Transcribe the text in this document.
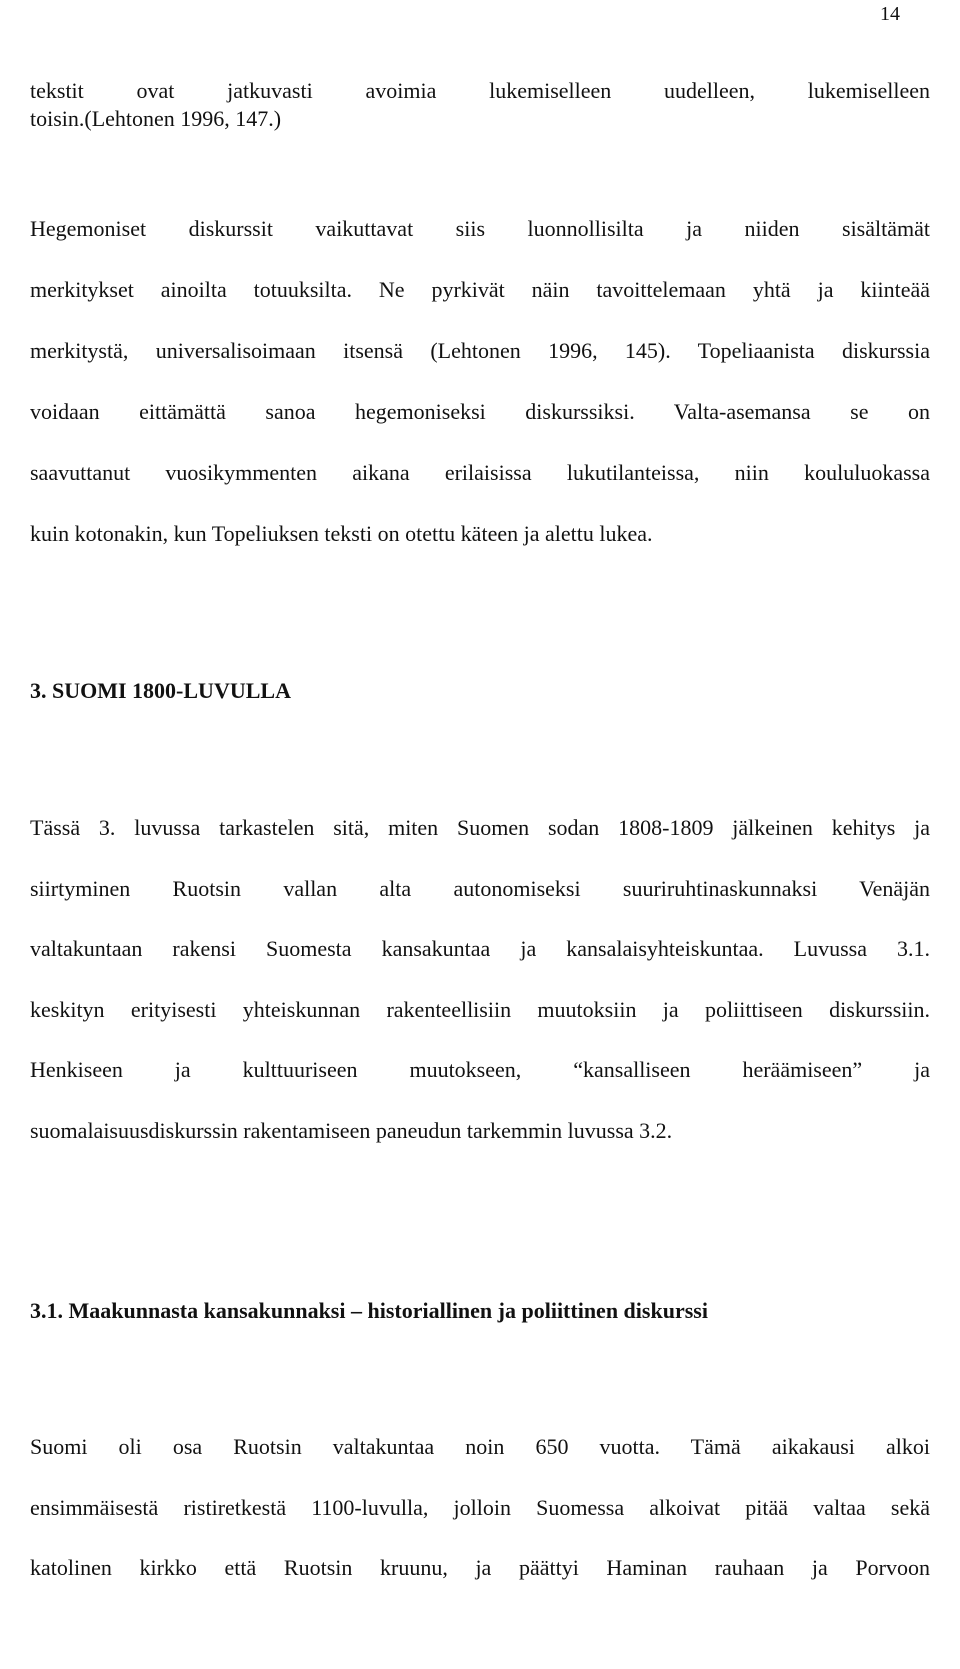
14
tekstit ovat jatkuvasti avoimia lukemiselleen uudelleen, lukemiselleen
toisin.(Lehtonen 1996, 147.)
Hegemoniset diskurssit vaikuttavat siis luonnollisilta ja niiden sisältämät
merkitykset ainoilta totuuksilta. Ne pyrkivät näin tavoittelemaan yhtä ja kiinteää
merkitystä, universalisoimaan itsensä (Lehtonen 1996, 145). Topeliaanista diskurssia
voidaan eittämättä sanoa hegemoniseksi diskurssiksi. Valta-asemansa se on
saavuttanut vuosikymmenten aikana erilaisissa lukutilanteissa, niin koululuokassa
kuin kotonakin, kun Topeliuksen teksti on otettu käteen ja alettu lukea.
3. SUOMI 1800-LUVULLA
Tässä 3. luvussa tarkastelen sitä, miten Suomen sodan 1808-1809 jälkeinen kehitys ja
siirtyminen Ruotsin vallan alta autonomiseksi suuriruhtinaskunnaksi Venäjän
valtakuntaan rakensi Suomesta kansakuntaa ja kansalaisyhteiskuntaa. Luvussa 3.1.
keskityn erityisesti yhteiskunnan rakenteellisiin muutoksiin ja poliittiseen diskurssiin.
Henkiseen ja kulttuuriseen muutokseen, “kansalliseen heräämiseen” ja
suomalaisuusdiskurssin rakentamiseen paneudun tarkemmin luvussa 3.2.
3.1. Maakunnasta kansakunnaksi – historiallinen ja poliittinen diskurssi
Suomi oli osa Ruotsin valtakuntaa noin 650 vuotta. Tämä aikakausi alkoi
ensimmäisestä ristiretkestä 1100-luvulla, jolloin Suomessa alkoivat pitää valtaa sekä
katolinen kirkko että Ruotsin kruunu, ja päättyi Haminan rauhaan ja Porvoon
